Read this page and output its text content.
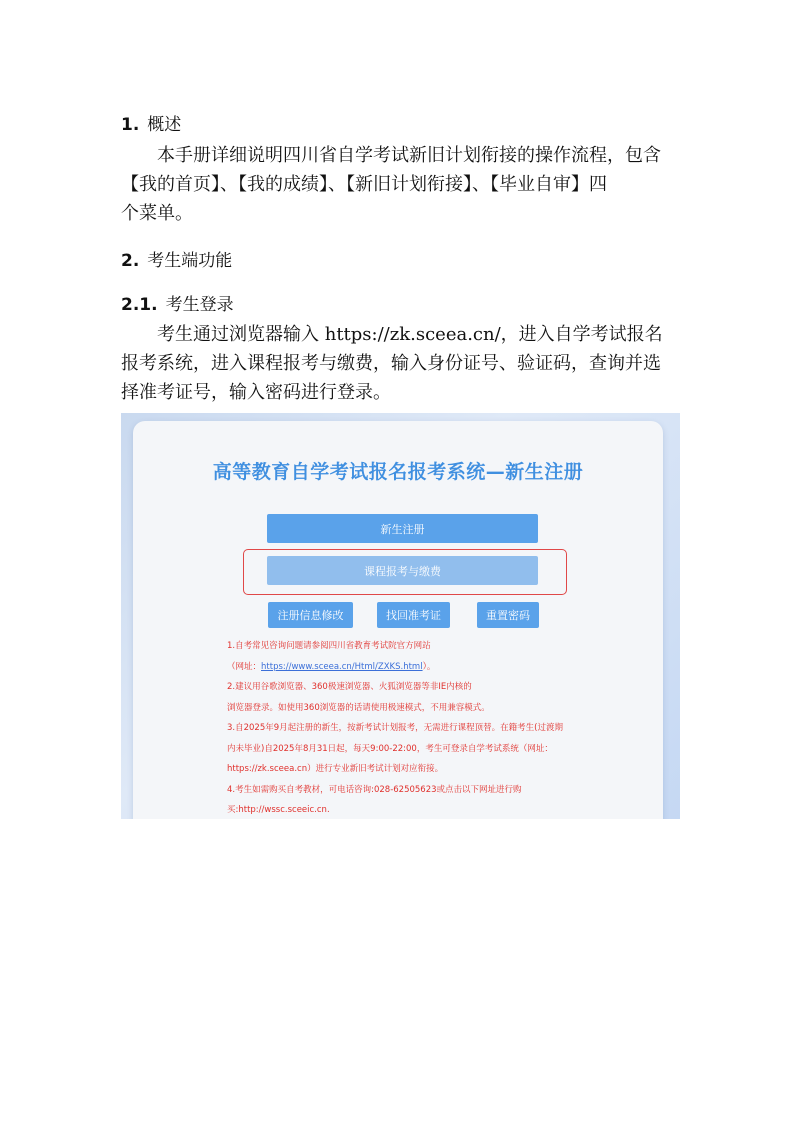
1. 概述

本手册详细说明四川省自学考试新旧计划衔接的操作流程，包含
【我的首页】、【我的成绩】、【新旧计划衔接】、【毕业自审】四
个菜单。

2. 考生端功能
2.1. 考生登录

考生通过浏览器输入 https://zk.sceea.cn/，进入自学考试报名
报考系统，进入课程报考与缴费，输入身份证号、验证码，查询并选
择准考证号，输入密码进行登录。

高等教育自学考试报名报考系统—新生注册
新生注册
课程报考与缴费
注册信息修改	找回准考证	重置密码
1.自考常见咨询问题请参阅四川省教育考试院官方网站
（网址：https://www.sceea.cn/Html/ZXKS.html）。
2.建议用谷歌浏览器、360极速浏览器、火狐浏览器等非IE内核的
浏览器登录。如使用360浏览器的话请使用极速模式，不用兼容模式。
3.自2025年9月起注册的新生，按新考试计划报考，无需进行课程顶替。在籍考生(过渡期
内未毕业)自2025年8月31日起，每天9:00-22:00，考生可登录自学考试系统（网址：
https://zk.sceea.cn）进行专业新旧考试计划对应衔接。
4.考生如需购买自考教材，可电话咨询:028-62505623或点击以下网址进行购
买:http://wssc.sceeic.cn.
